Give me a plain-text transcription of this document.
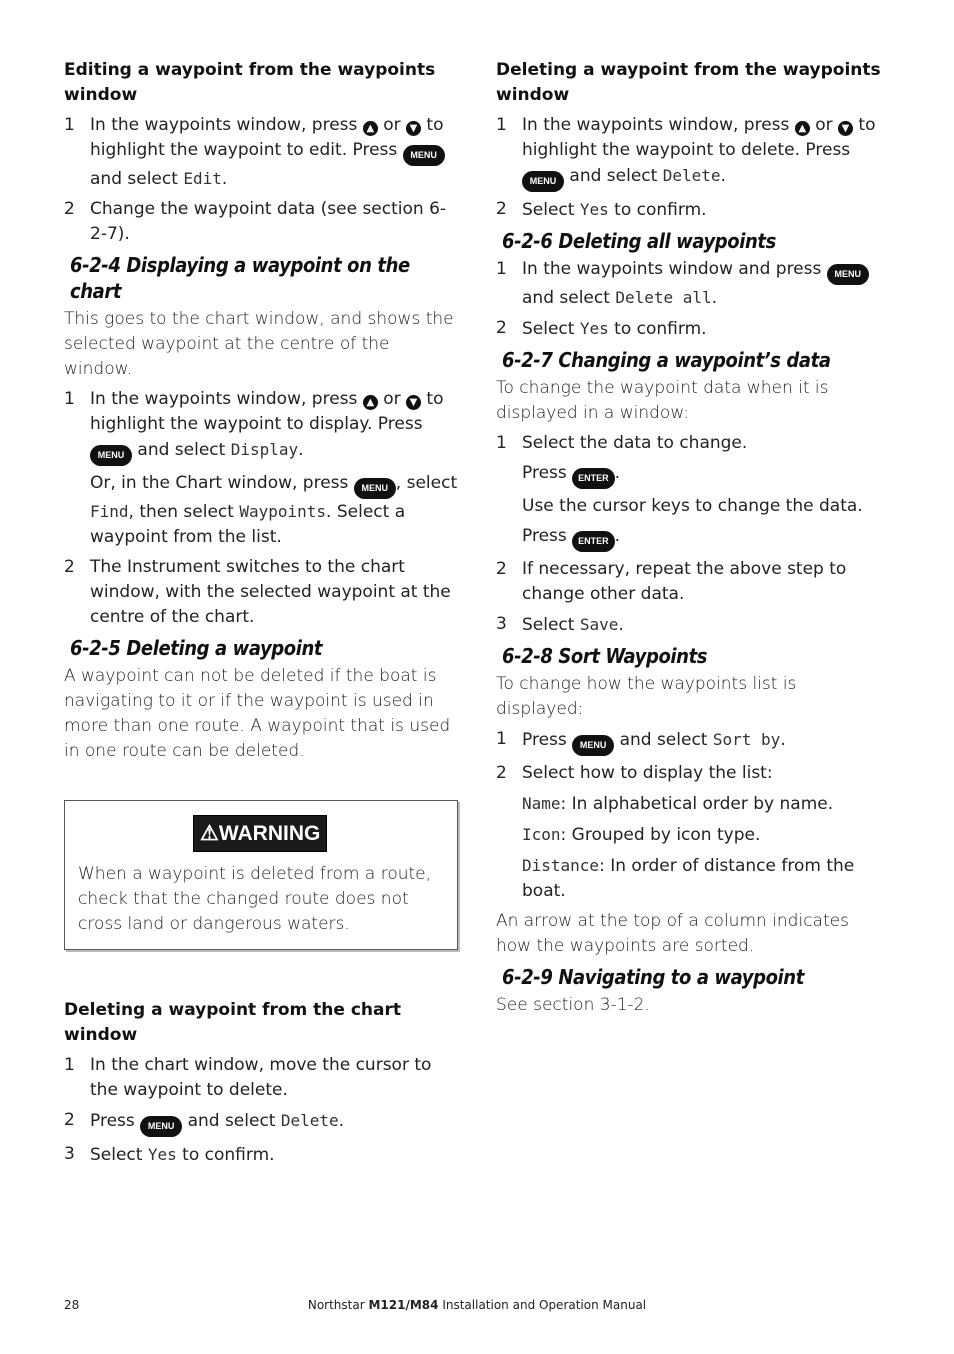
Editing a waypoint from the waypoints window
1 In the waypoints window, press ▲ or ▼ to highlight the waypoint to edit. Press MENU and select Edit.
2 Change the waypoint data (see section 6-2-7).
6-2-4 Displaying a waypoint on the chart

This goes to the chart window, and shows the selected waypoint at the centre of the window.

1 In the waypoints window, press ▲ or ▼ to highlight the waypoint to display. Press MENU and select Display.
Or, in the Chart window, press MENU , select Find, then select Waypoints. Select a waypoint from the list.
2 The Instrument switches to the chart window, with the selected waypoint at the centre of the chart.
6-2-5 Deleting a waypoint

A waypoint can not be deleted if the boat is navigating to it or if the waypoint is used in more than one route. A waypoint that is used in one route can be deleted.

⚠WARNING

When a waypoint is deleted from a route, check that the changed route does not cross land or dangerous waters.

Deleting a waypoint from the chart window
1 In the chart window, move the cursor to the waypoint to delete.
2 Press MENU and select Delete.
3 Select Yes to confirm.
Deleting a waypoint from the waypoints window
1 In the waypoints window, press ▲ or ▼ to highlight the waypoint to delete. Press MENU and select Delete.
2 Select Yes to confirm.
6-2-6 Deleting all waypoints
1 In the waypoints window and press MENU and select Delete all.
2 Select Yes to confirm.
6-2-7 Changing a waypoint’s data

To change the waypoint data when it is displayed in a window:

1 Select the data to change.
Press ENTER .
Use the cursor keys to change the data.
Press ENTER .
2 If necessary, repeat the above step to change other data.
3 Select Save.
6-2-8 Sort Waypoints

To change how the waypoints list is displayed:

1 Press MENU and select Sort by.
2 Select how to display the list:
Name: In alphabetical order by name.
Icon: Grouped by icon type.
Distance: In order of distance from the boat.

An arrow at the top of a column indicates how the waypoints are sorted.

6-2-9 Navigating to a waypoint

See section 3-1-2.

28	Northstar M121/M84 Installation and Operation Manual
